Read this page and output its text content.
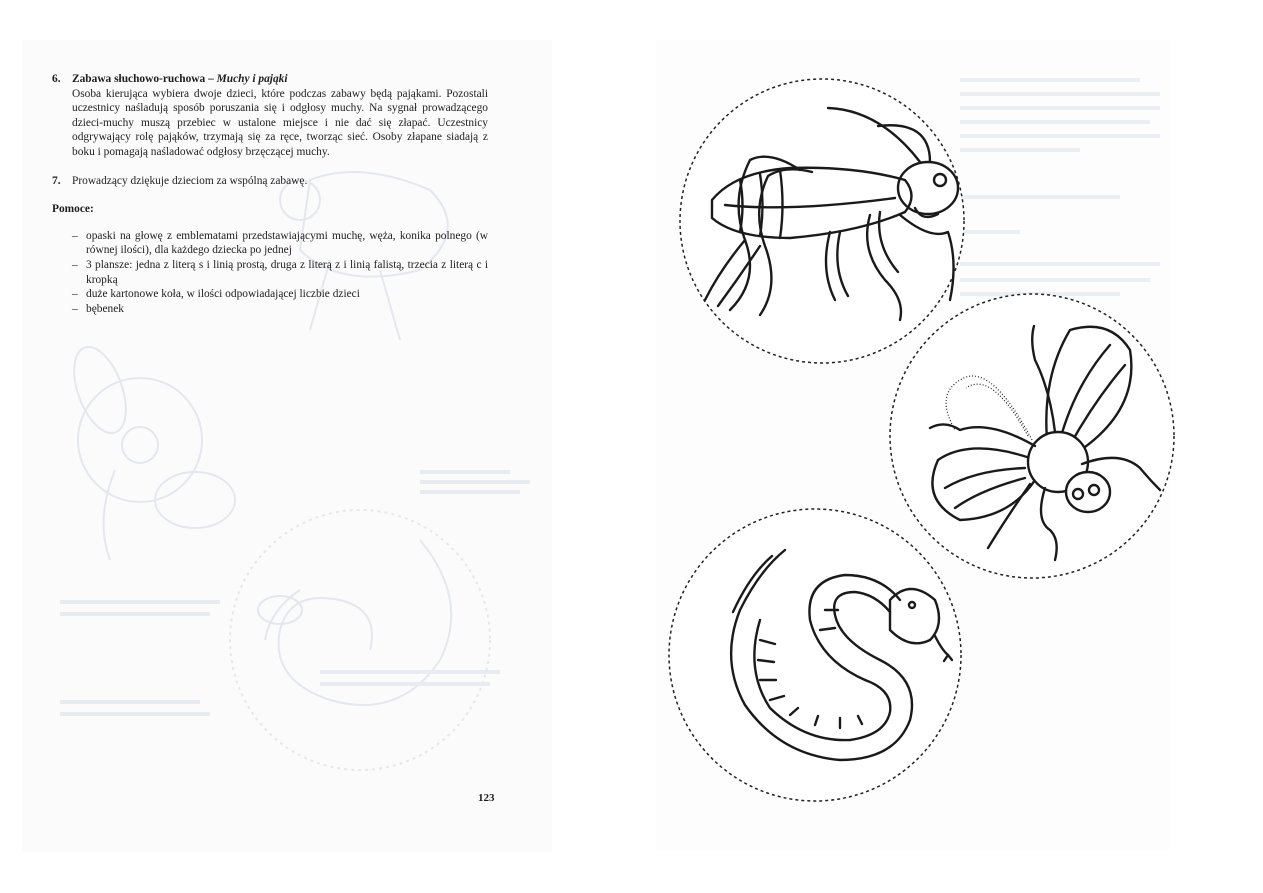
6. Zabawa słuchowo-ruchowa – Muchy i pająki
Osoba kierująca wybiera dwoje dzieci, które podczas zabawy będą pająkami. Pozostali uczestnicy naśladują sposób poruszania się i odgłosy muchy. Na sygnał prowadzącego dzieci-muchy muszą przebiec w ustalone miejsce i nie dać się złapać. Uczestnicy odgrywający rolę pająków, trzymają się za ręce, tworząc sieć. Osoby złapane siadają z boku i pomagają naśladować odgłosy brzęczącej muchy.
7. Prowadzący dziękuje dzieciom za wspólną zabawę.
Pomoce:
– opaski na głowę z emblematami przedstawiającymi muchę, węża, konika polnego (w równej ilości), dla każdego dziecka po jednej
– 3 plansze: jedna z literą s i linią prostą, druga z literą z i linią falistą, trzecia z literą c i kropką
– duże kartonowe koła, w ilości odpowiadającej liczbie dzieci
– bębenek
123
